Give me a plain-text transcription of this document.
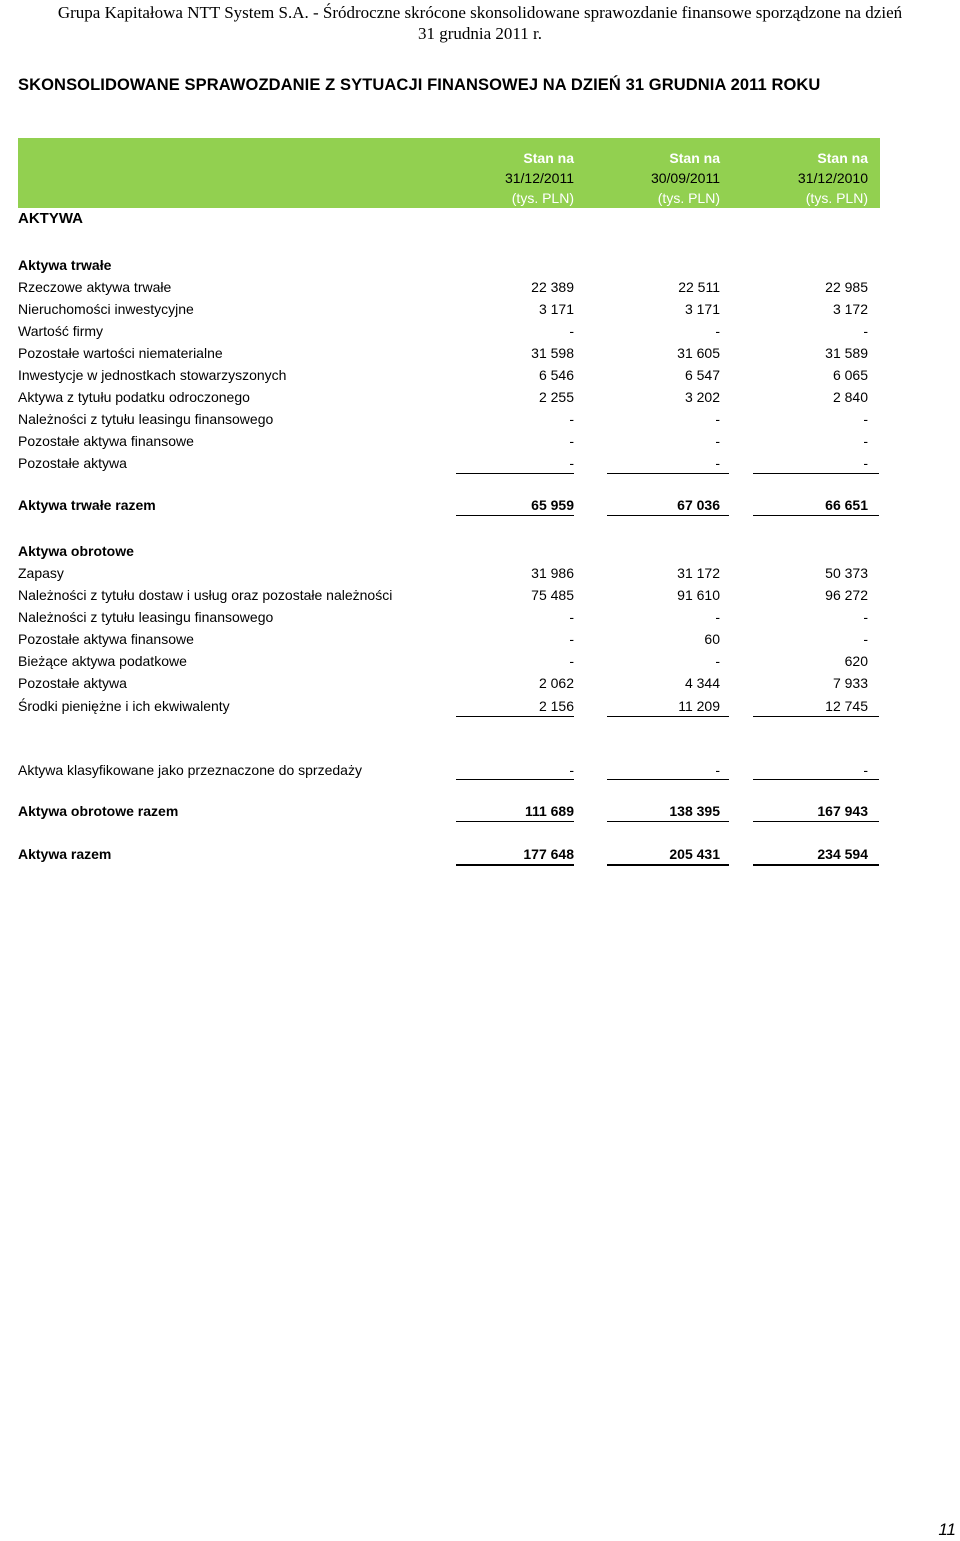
Grupa Kapitałowa NTT System S.A. - Śródroczne skrócone skonsolidowane sprawozdanie finansowe sporządzone na dzień
31 grudnia 2011 r.
SKONSOLIDOWANE SPRAWOZDANIE Z SYTUACJI FINANSOWEJ NA DZIEŃ 31 GRUDNIA 2011 ROKU
AKTYWA
Stan na
31/12/2011
(tys. PLN)
Stan na
30/09/2011
(tys. PLN)
Stan na
31/12/2010
(tys. PLN)
Aktywa trwałe
Rzeczowe aktywa trwałe	22 389	22 511	22 985
Nieruchomości inwestycyjne	3 171	3 171	3 172
Wartość firmy	-	-	-
Pozostałe wartości niematerialne	31 598	31 605	31 589
Inwestycje w jednostkach stowarzyszonych	6 546	6 547	6 065
Aktywa z tytułu podatku odroczonego	2 255	3 202	2 840
Należności z tytułu leasingu finansowego	-	-	-
Pozostałe aktywa finansowe	-	-	-
Pozostałe aktywa	-	-	-
Aktywa trwałe razem	65 959	67 036	66 651
Aktywa obrotowe
Zapasy	31 986	31 172	50 373
Należności z tytułu dostaw i usług oraz pozostałe należności	75 485	91 610	96 272
Należności z tytułu leasingu finansowego	-	-	-
Pozostałe aktywa finansowe	-	60	-
Bieżące aktywa podatkowe	-	-	620
Pozostałe aktywa	2 062	4 344	7 933
Środki pieniężne i ich ekwiwalenty	2 156	11 209	12 745
Aktywa klasyfikowane jako przeznaczone do sprzedaży	-	-	-
Aktywa obrotowe razem	111 689	138 395	167 943
Aktywa razem	177 648	205 431	234 594
11
